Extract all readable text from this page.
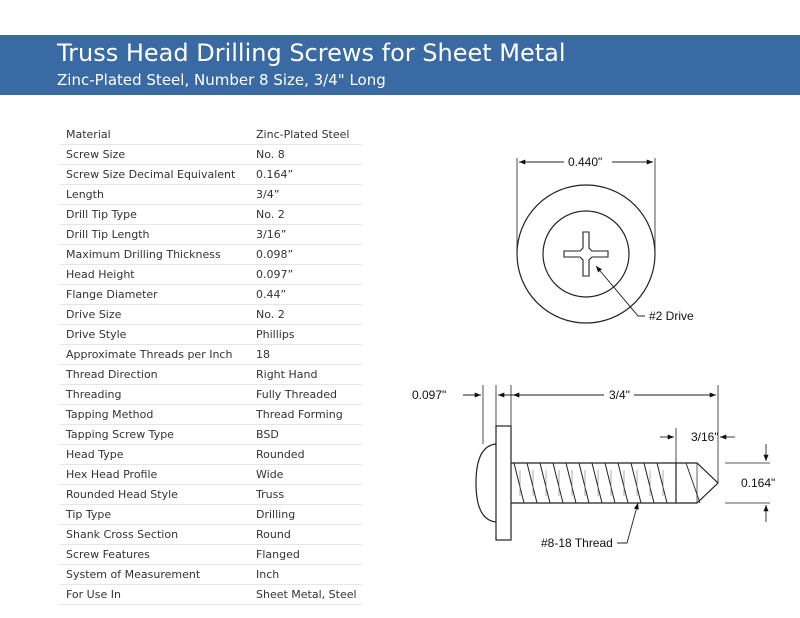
Truss Head Drilling Screws for Sheet Metal
Zinc-Plated Steel, Number 8 Size, 3/4" Long
Material	Zinc-Plated Steel
Screw Size	No. 8
Screw Size Decimal Equivalent	0.164”
Length	3/4”
Drill Tip Type	No. 2
Drill Tip Length	3/16”
Maximum Drilling Thickness	0.098”
Head Height	0.097”
Flange Diameter	0.44”
Drive Size	No. 2
Drive Style	Phillips
Approximate Threads per Inch	18
Thread Direction	Right Hand
Threading	Fully Threaded
Tapping Method	Thread Forming
Tapping Screw Type	BSD
Head Type	Rounded
Hex Head Profile	Wide
Rounded Head Style	Truss
Tip Type	Drilling
Shank Cross Section	Round
Screw Features	Flanged
System of Measurement	Inch
For Use In	Sheet Metal, Steel
0.440"
#2 Drive
0.097"	3/4"
3/16"
0.164"
#8-18 Thread
